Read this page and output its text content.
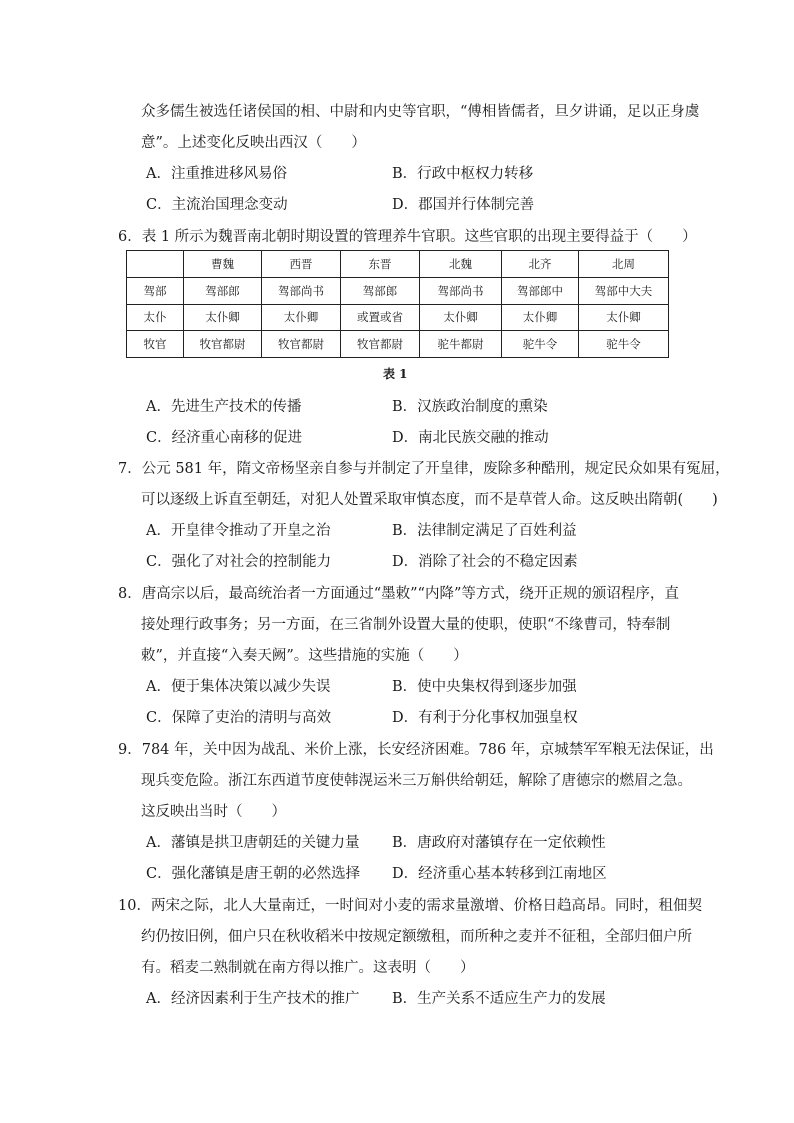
众多儒生被选任诸侯国的相、中尉和内史等官职，“傅相皆儒者，旦夕讲诵，足以正身虞
意”。上述变化反映出西汉（　　）
A．注重推进移风易俗	B．行政中枢权力转移
C．主流治国理念变动	D．郡国并行体制完善
6．表 1 所示为魏晋南北朝时期设置的管理养牛官职。这些官职的出现主要得益于（　　）
	曹魏	西晋	东晋	北魏	北齐	北周
驾部	驾部郎	驾部尚书	驾部郎	驾部尚书	驾部郎中	驾部中大夫
太仆	太仆卿	太仆卿	或置或省	太仆卿	太仆卿	太仆卿
牧官	牧官都尉	牧官都尉	牧官都尉	驼牛都尉	驼牛令	驼牛令
表 1
A．先进生产技术的传播	B．汉族政治制度的熏染
C．经济重心南移的促进	D．南北民族交融的推动
7．公元 581 年，隋文帝杨坚亲自参与并制定了开皇律，废除多种酷刑，规定民众如果有冤屈，
可以逐级上诉直至朝廷，对犯人处置采取审慎态度，而不是草菅人命。这反映出隋朝(　　)
A．开皇律令推动了开皇之治	B．法律制定满足了百姓利益
C．强化了对社会的控制能力	D．消除了社会的不稳定因素
8．唐高宗以后，最高统治者一方面通过“墨敕”“内降”等方式，绕开正规的颁诏程序，直
接处理行政事务；另一方面，在三省制外设置大量的使职，使职“不缘曹司，特奉制
敕”，并直接“入奏天阙”。这些措施的实施（　　）
A．便于集体决策以减少失误	B．使中央集权得到逐步加强
C．保障了吏治的清明与高效	D．有利于分化事权加强皇权
9．784 年，关中因为战乱、米价上涨，长安经济困难。786 年，京城禁军军粮无法保证，出
现兵变危险。浙江东西道节度使韩滉运米三万斛供给朝廷，解除了唐德宗的燃眉之急。
这反映出当时（　　）
A．藩镇是拱卫唐朝廷的关键力量 B．唐政府对藩镇存在一定依赖性
C．强化藩镇是唐王朝的必然选择 D．经济重心基本转移到江南地区
10．两宋之际，北人大量南迁，一时间对小麦的需求量激增、价格日趋高昂。同时，租佃契
约仍按旧例，佃户只在秋收稻米中按规定额缴租，而所种之麦并不征租，全部归佃户所
有。稻麦二熟制就在南方得以推广。这表明（　　）
A．经济因素利于生产技术的推广 B．生产关系不适应生产力的发展
